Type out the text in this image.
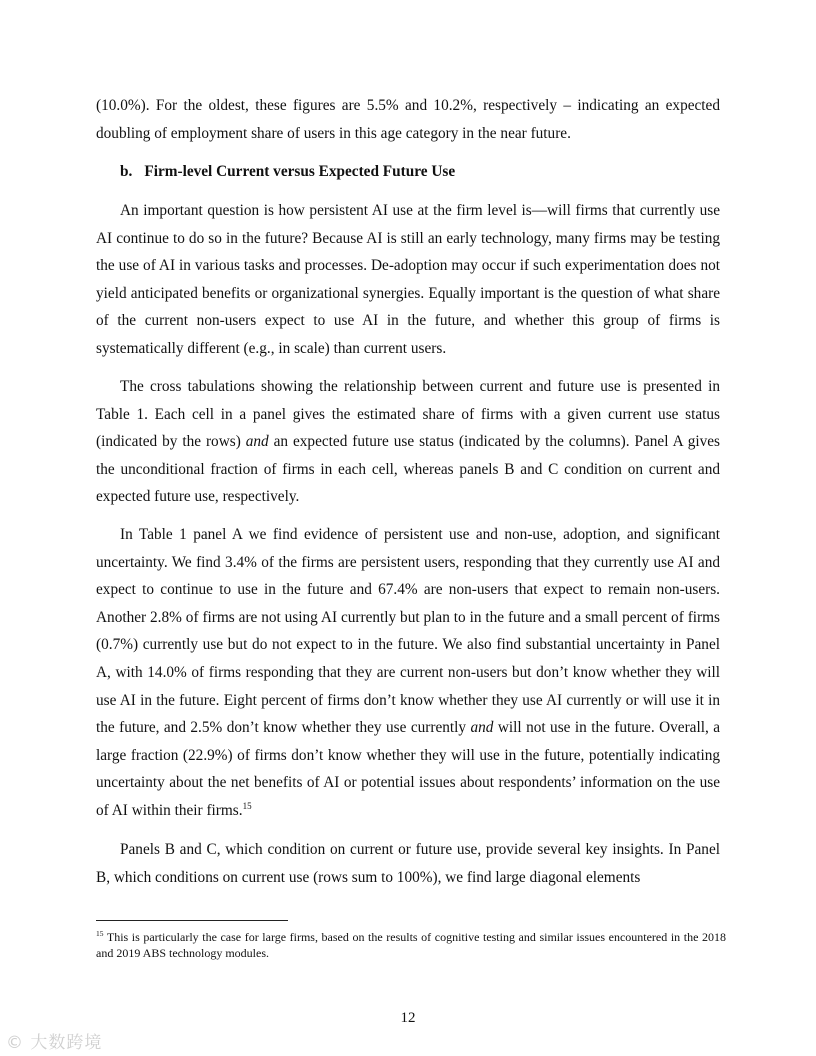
(10.0%). For the oldest, these figures are 5.5% and 10.2%, respectively – indicating an expected doubling of employment share of users in this age category in the near future.

b. Firm-level Current versus Expected Future Use

An important question is how persistent AI use at the firm level is—will firms that currently use AI continue to do so in the future? Because AI is still an early technology, many firms may be testing the use of AI in various tasks and processes. De-adoption may occur if such experimentation does not yield anticipated benefits or organizational synergies. Equally important is the question of what share of the current non-users expect to use AI in the future, and whether this group of firms is systematically different (e.g., in scale) than current users.

The cross tabulations showing the relationship between current and future use is presented in Table 1. Each cell in a panel gives the estimated share of firms with a given current use status (indicated by the rows) and an expected future use status (indicated by the columns). Panel A gives the unconditional fraction of firms in each cell, whereas panels B and C condition on current and expected future use, respectively.

In Table 1 panel A we find evidence of persistent use and non-use, adoption, and significant uncertainty. We find 3.4% of the firms are persistent users, responding that they currently use AI and expect to continue to use in the future and 67.4% are non-users that expect to remain non-users. Another 2.8% of firms are not using AI currently but plan to in the future and a small percent of firms (0.7%) currently use but do not expect to in the future. We also find substantial uncertainty in Panel A, with 14.0% of firms responding that they are current non-users but don’t know whether they will use AI in the future. Eight percent of firms don’t know whether they use AI currently or will use it in the future, and 2.5% don’t know whether they use currently and will not use in the future. Overall, a large fraction (22.9%) of firms don’t know whether they will use in the future, potentially indicating uncertainty about the net benefits of AI or potential issues about respondents’ information on the use of AI within their firms.$^{15}$

Panels B and C, which condition on current or future use, provide several key insights. In Panel B, which conditions on current use (rows sum to 100%), we find large diagonal elements

$^{15}$ This is particularly the case for large firms, based on the results of cognitive testing and similar issues encountered in the 2018 and 2019 ABS technology modules.
12
© 大数跨境
